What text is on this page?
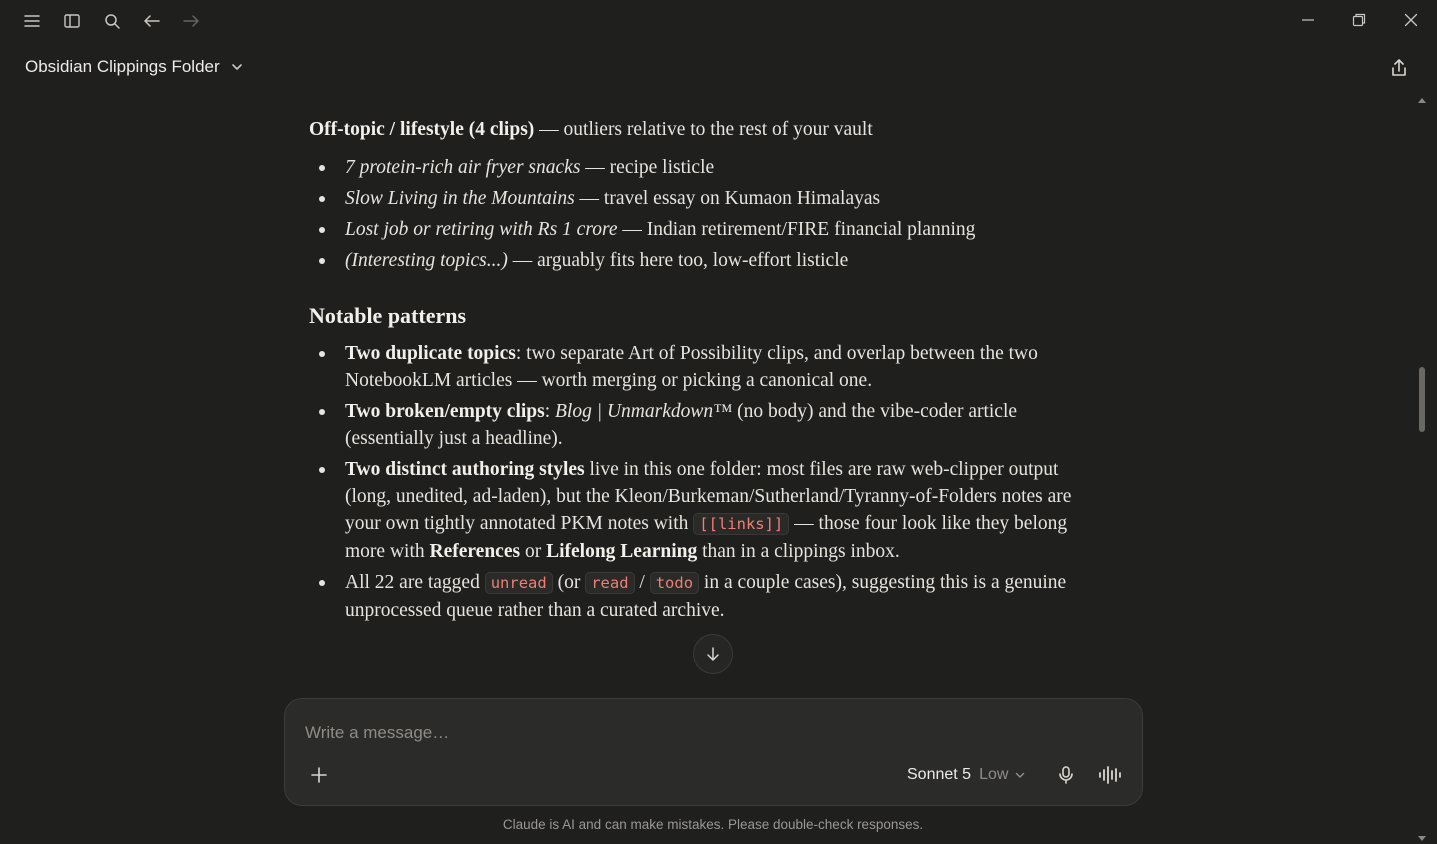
Obsidian Clippings Folder

Off-topic / lifestyle (4 clips) — outliers relative to the rest of your vault

7 protein-rich air fryer snacks — recipe listicle
Slow Living in the Mountains — travel essay on Kumaon Himalayas
Lost job or retiring with Rs 1 crore — Indian retirement/FIRE financial planning
(Interesting topics...) — arguably fits here too, low-effort listicle
Notable patterns
Two duplicate topics: two separate Art of Possibility clips, and overlap between the two NotebookLM articles — worth merging or picking a canonical one.
Two broken/empty clips: Blog | Unmarkdown™ (no body) and the vibe-coder article (essentially just a headline).
Two distinct authoring styles live in this one folder: most files are raw web-clipper output (long, unedited, ad-laden), but the Kleon/Burkeman/Sutherland/Tyranny-of-Folders notes are your own tightly annotated PKM notes with [[links]] — those four look like they belong more with References or Lifelong Learning than in a clippings inbox.
All 22 are tagged unread (or read / todo in a couple cases), suggesting this is a genuine unprocessed queue rather than a curated archive.
Write a message…
Sonnet 5 Low
Claude is AI and can make mistakes. Please double-check responses.
